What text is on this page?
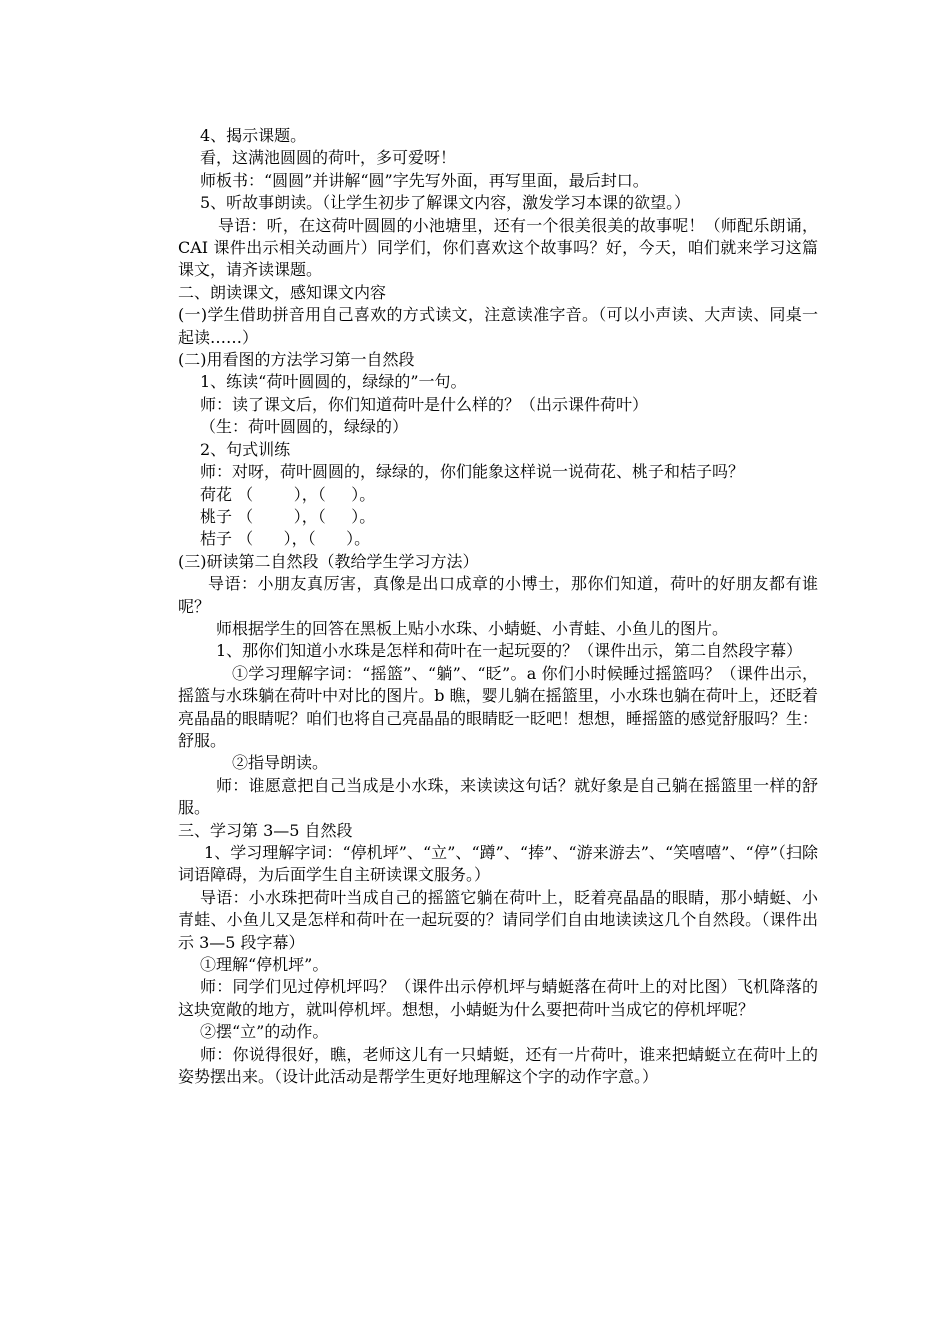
4、揭示课题。

看，这满池圆圆的荷叶，多可爱呀！

师板书：“圆圆”并讲解“圆”字先写外面，再写里面，最后封口。

5、听故事朗读。（让学生初步了解课文内容，激发学习本课的欲望。）

导语：听，在这荷叶圆圆的小池塘里，还有一个很美很美的故事呢！（师配乐朗诵，CAI 课件出示相关动画片）同学们，你们喜欢这个故事吗？好，今天，咱们就来学习这篇课文，请齐读课题。

二、朗读课文，感知课文内容

(一)学生借助拼音用自己喜欢的方式读文，注意读准字音。（可以小声读、大声读、同桌一起读……）

(二)用看图的方法学习第一自然段

1、练读“荷叶圆圆的，绿绿的”一句。

师：读了课文后，你们知道荷叶是什么样的？（出示课件荷叶）

（生：荷叶圆圆的，绿绿的）

2、句式训练

师：对呀，荷叶圆圆的，绿绿的，你们能象这样说一说荷花、桃子和桔子吗？

荷花 （        ），（     ）。

桃子 （        ），（     ）。

桔子 （      ），（      ）。

(三)研读第二自然段（教给学生学习方法）

导语：小朋友真厉害，真像是出口成章的小博士，那你们知道，荷叶的好朋友都有谁呢？

师根据学生的回答在黑板上贴小水珠、小蜻蜓、小青蛙、小鱼儿的图片。

1、那你们知道小水珠是怎样和荷叶在一起玩耍的？（课件出示，第二自然段字幕）

①学习理解字词：“摇篮”、“躺”、“眨”。a 你们小时候睡过摇篮吗？（课件出示，摇篮与水珠躺在荷叶中对比的图片。b 瞧，婴儿躺在摇篮里，小水珠也躺在荷叶上，还眨着亮晶晶的眼睛呢？咱们也将自己亮晶晶的眼睛眨一眨吧！想想，睡摇篮的感觉舒服吗？生：舒服。

②指导朗读。

师：谁愿意把自己当成是小水珠，来读读这句话？就好象是自己躺在摇篮里一样的舒服。

三、学习第 3—5 自然段

1、学习理解字词：“停机坪”、“立”、“蹲”、“捧”、“游来游去”、“笑嘻嘻”、“停”（扫除词语障碍，为后面学生自主研读课文服务。）

导语：小水珠把荷叶当成自己的摇篮它躺在荷叶上，眨着亮晶晶的眼睛，那小蜻蜓、小青蛙、小鱼儿又是怎样和荷叶在一起玩耍的？请同学们自由地读读这几个自然段。（课件出示 3—5 段字幕）

①理解“停机坪”。

师：同学们见过停机坪吗？（课件出示停机坪与蜻蜓落在荷叶上的对比图）飞机降落的这块宽敞的地方，就叫停机坪。想想，小蜻蜓为什么要把荷叶当成它的停机坪呢？

②摆“立”的动作。

师：你说得很好，瞧，老师这儿有一只蜻蜓，还有一片荷叶，谁来把蜻蜓立在荷叶上的姿势摆出来。（设计此活动是帮学生更好地理解这个字的动作字意。）
